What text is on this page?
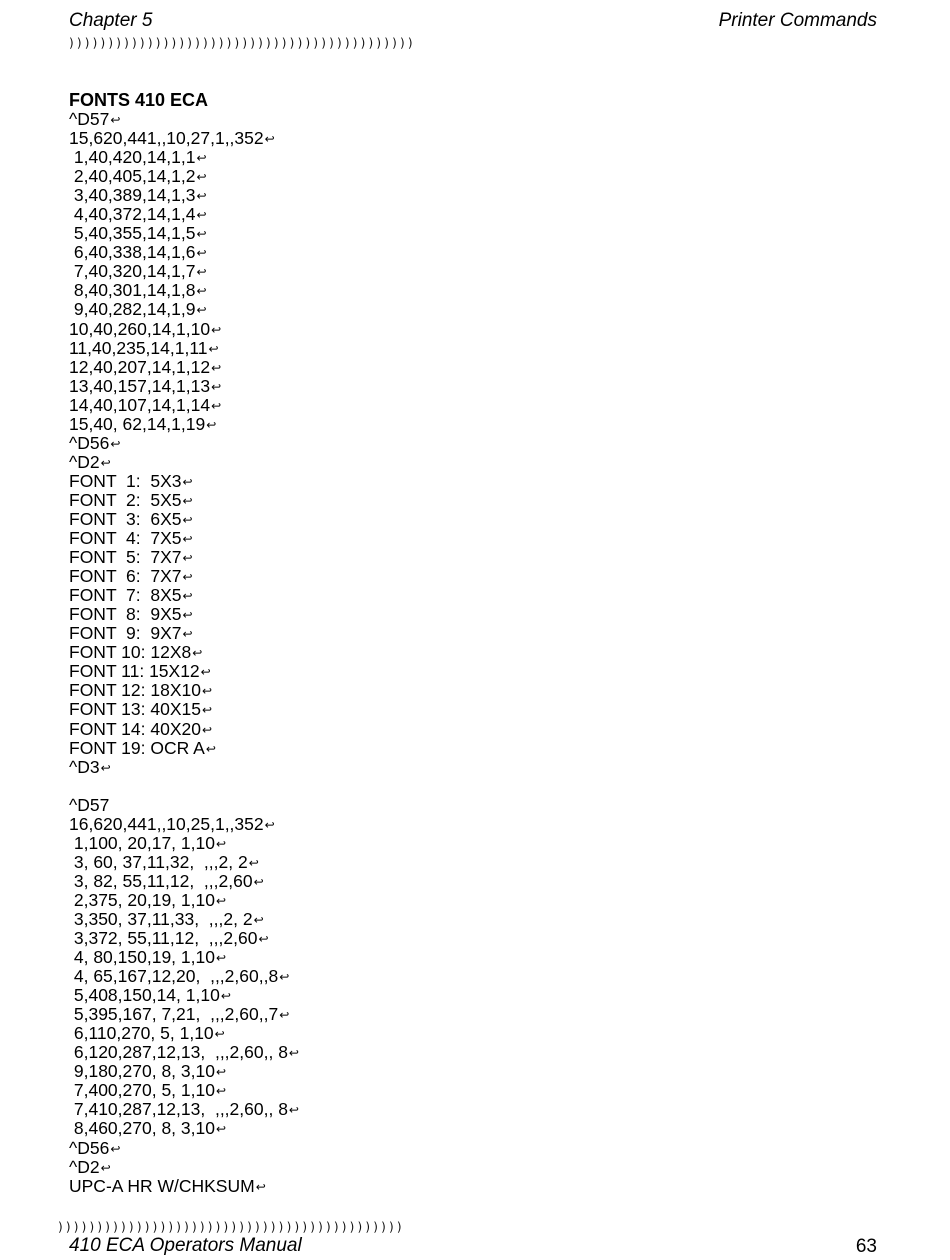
Chapter 5	Printer Commands
))))))))))))))))))))))))))))))))))))))))))))
FONTS 410 ECA
^D57↩
15,620,441,,10,27,1,,352↩
1,40,420,14,1,1↩
2,40,405,14,1,2↩
3,40,389,14,1,3↩
4,40,372,14,1,4↩
5,40,355,14,1,5↩
6,40,338,14,1,6↩
7,40,320,14,1,7↩
8,40,301,14,1,8↩
9,40,282,14,1,9↩
10,40,260,14,1,10↩
11,40,235,14,1,11↩
12,40,207,14,1,12↩
13,40,157,14,1,13↩
14,40,107,14,1,14↩
15,40, 62,14,1,19↩
^D56↩
^D2↩
FONT  1:  5X3↩
FONT  2:  5X5↩
FONT  3:  6X5↩
FONT  4:  7X5↩
FONT  5:  7X7↩
FONT  6:  7X7↩
FONT  7:  8X5↩
FONT  8:  9X5↩
FONT  9:  9X7↩
FONT 10: 12X8↩
FONT 11: 15X12↩
FONT 12: 18X10↩
FONT 13: 40X15↩
FONT 14: 40X20↩
FONT 19: OCR A↩
^D3↩
^D57
16,620,441,,10,25,1,,352↩
1,100, 20,17, 1,10↩
3, 60, 37,11,32,  ,,,2, 2↩
3, 82, 55,11,12,  ,,,2,60↩
2,375, 20,19, 1,10↩
3,350, 37,11,33,  ,,,2, 2↩
3,372, 55,11,12,  ,,,2,60↩
4, 80,150,19, 1,10↩
4, 65,167,12,20,  ,,,2,60,,8↩
5,408,150,14, 1,10↩
5,395,167, 7,21,  ,,,2,60,,7↩
6,110,270, 5, 1,10↩
6,120,287,12,13,  ,,,2,60,, 8↩
9,180,270, 8, 3,10↩
7,400,270, 5, 1,10↩
7,410,287,12,13,  ,,,2,60,, 8↩
8,460,270, 8, 3,10↩
^D56↩
^D2↩
UPC-A HR W/CHKSUM↩
))))))))))))))))))))))))))))))))))))))))))))
410 ECA Operators Manual	63
